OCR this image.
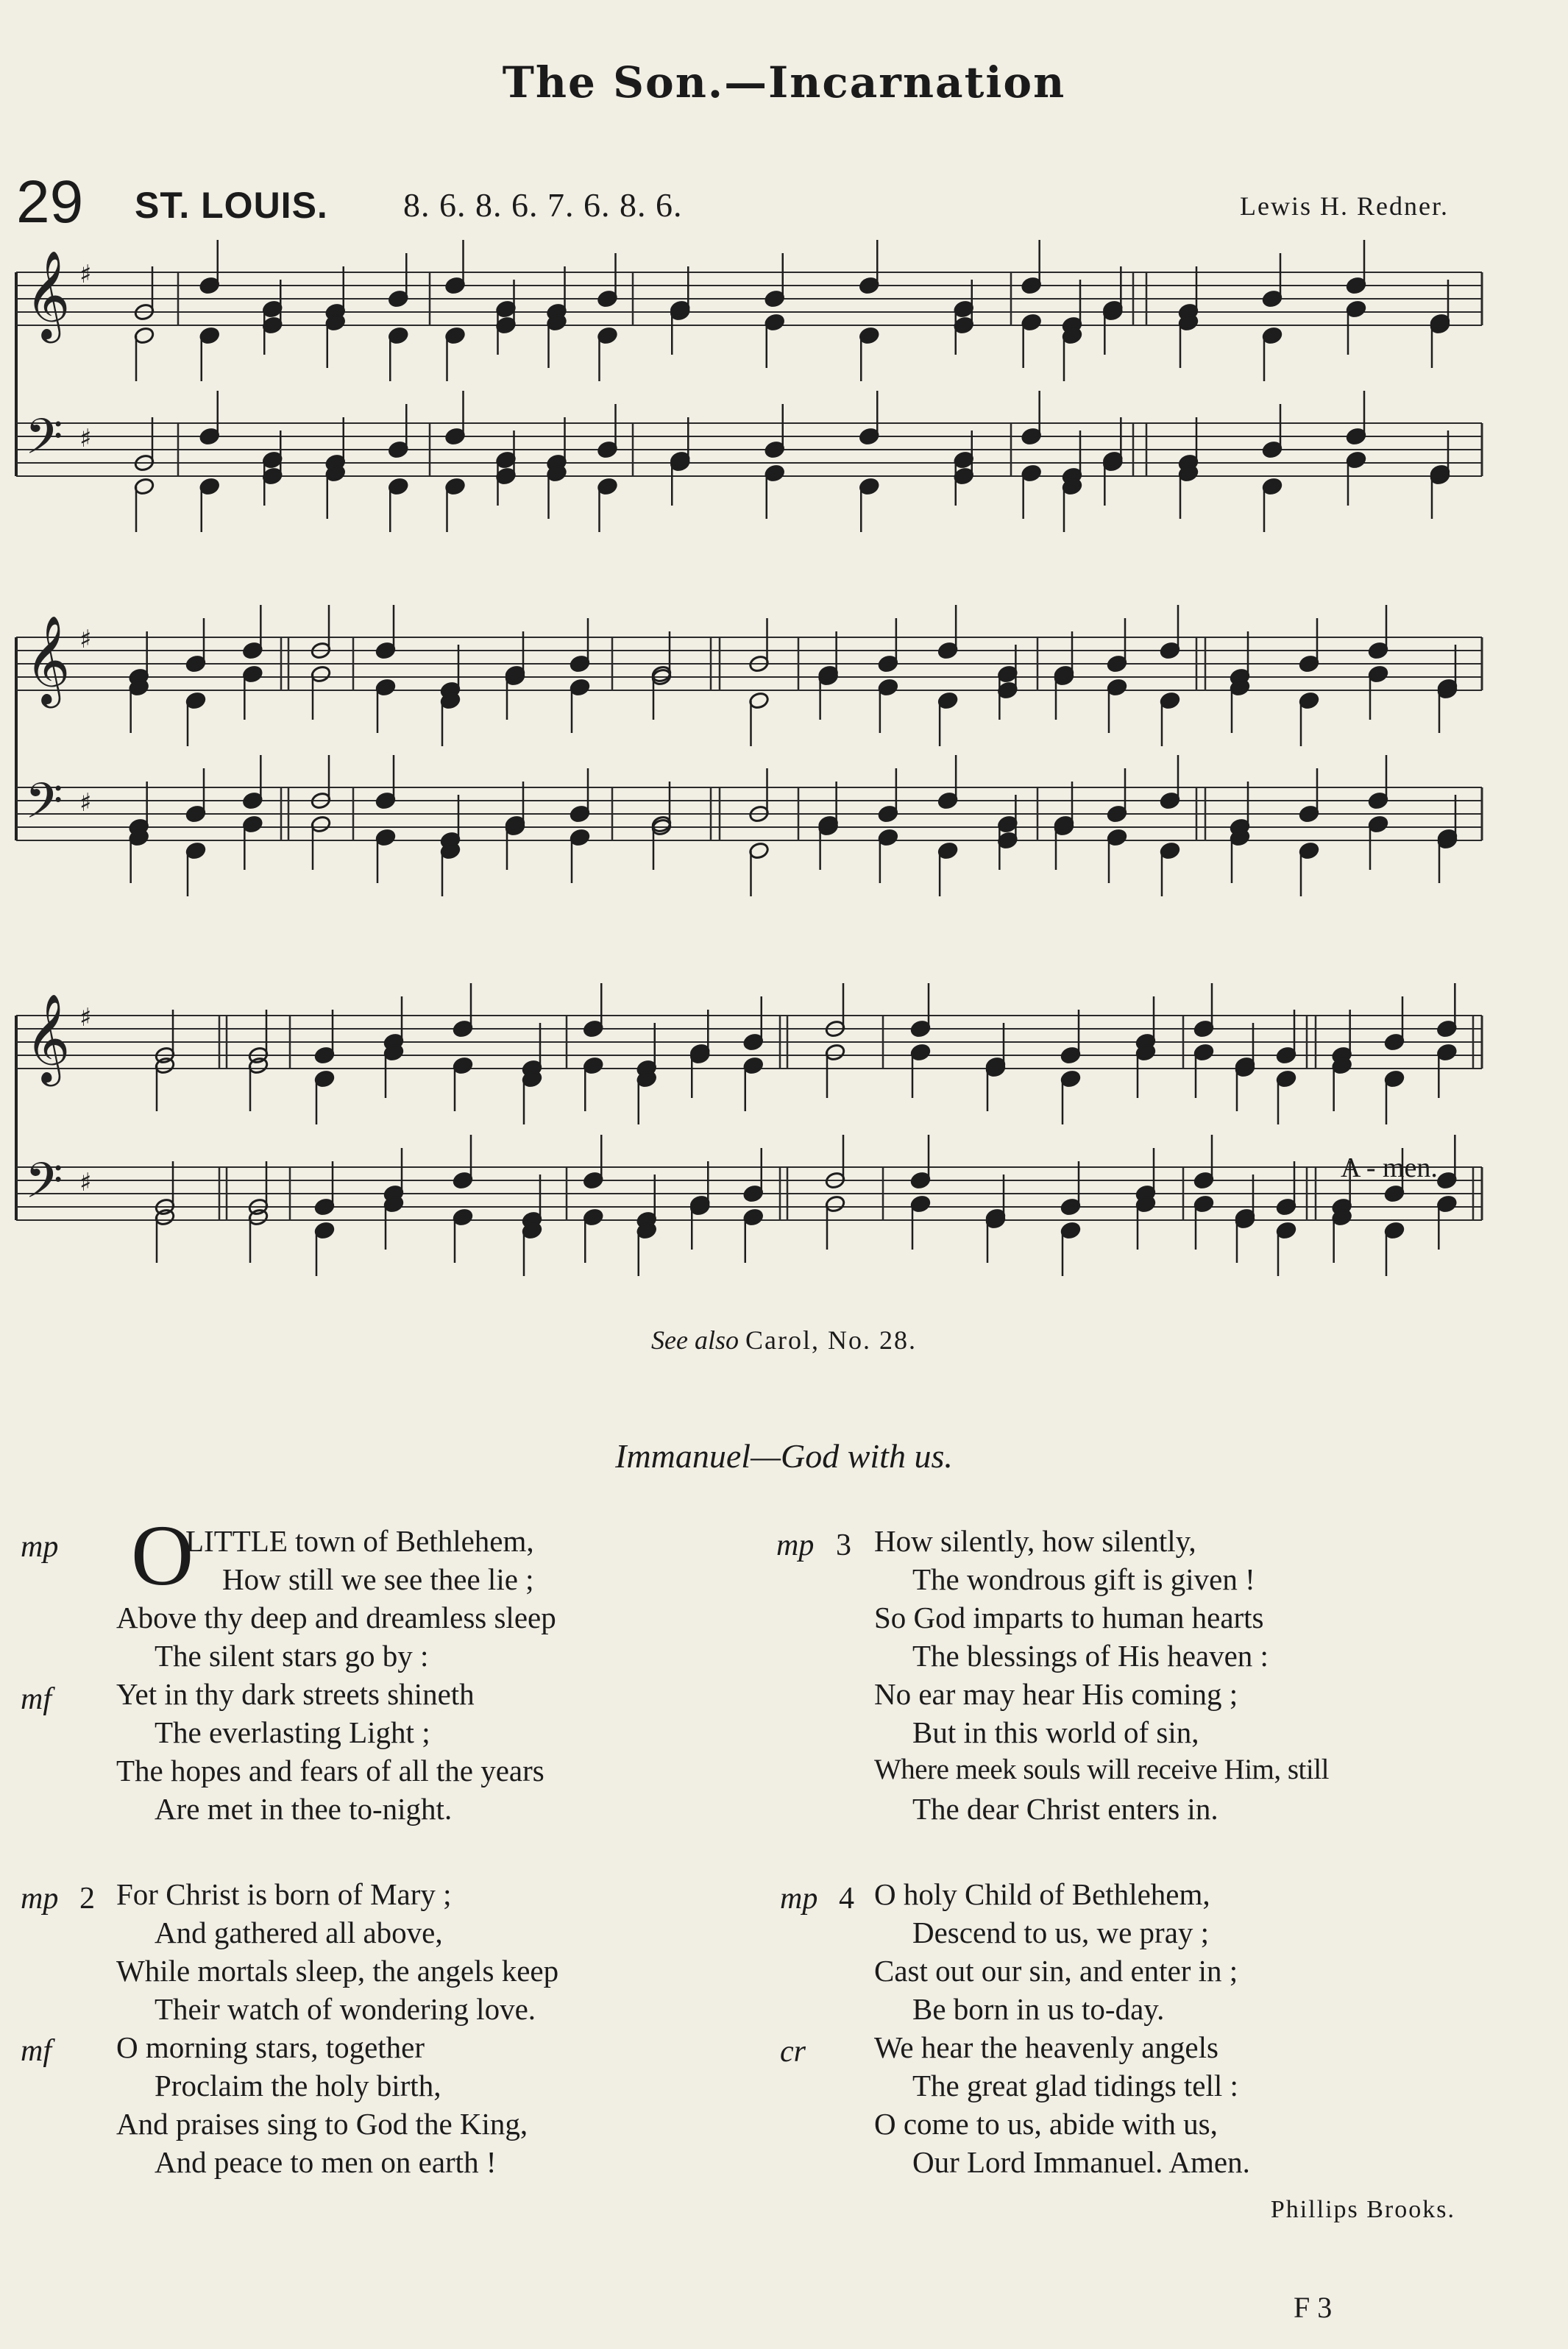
The Son.—Incarnation
29 ST. LOUIS. 8. 6. 8. 6. 7. 6. 8. 6.	Lewis H. Redner.
𝄞 ♯
𝄢 ♯
𝄞 ♯
𝄢 ♯
𝄞 ♯
𝄢 ♯	A - men.
See also Carol, No. 28.
Immanuel—God with us.
mp
mf
O
LITTLE town of Bethlehem,
How still we see thee lie ;
Above thy deep and dreamless sleep
The silent stars go by :
Yet in thy dark streets shineth
The everlasting Light ;
The hopes and fears of all the years
Are met in thee to-night.
mp 2
mf
For Christ is born of Mary ;
And gathered all above,
While mortals sleep, the angels keep
Their watch of wondering love.
O morning stars, together
Proclaim the holy birth,
And praises sing to God the King,
And peace to men on earth !
mp 3 How silently, how silently,
The wondrous gift is given !
So God imparts to human hearts
The blessings of His heaven :
No ear may hear His coming ;
But in this world of sin,
Where meek souls will receive Him, still
The dear Christ enters in.
mp 4
cr
O holy Child of Bethlehem,
Descend to us, we pray ;
Cast out our sin, and enter in ;
Be born in us to-day.
We hear the heavenly angels
The great glad tidings tell :
O come to us, abide with us,
Our Lord Immanuel. Amen.
Phillips Brooks.
F 3
